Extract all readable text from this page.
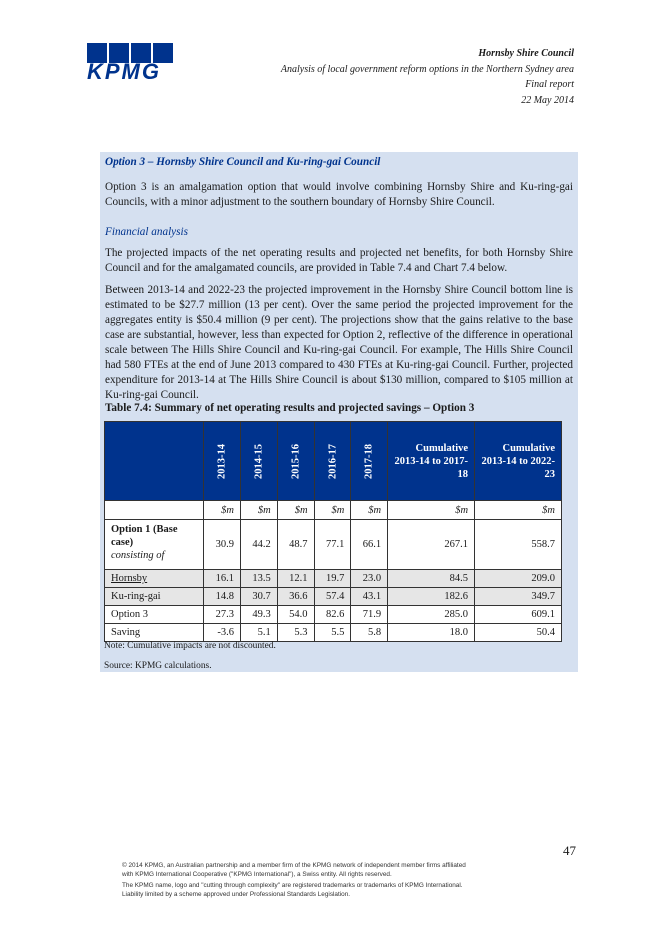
KPMG
Hornsby Shire Council
Analysis of local government reform options in the Northern Sydney area
Final report
22 May 2014
Option 3 – Hornsby Shire Council and Ku-ring-gai Council
Option 3 is an amalgamation option that would involve combining Hornsby Shire and Ku-ring-gai Councils, with a minor adjustment to the southern boundary of Hornsby Shire Council.
Financial analysis
The projected impacts of the net operating results and projected net benefits, for both Hornsby Shire Council and for the amalgamated councils, are provided in Table 7.4 and Chart 7.4 below.
Between 2013-14 and 2022-23 the projected improvement in the Hornsby Shire Council bottom line is estimated to be $27.7 million (13 per cent). Over the same period the projected improvement for the aggregates entity is $50.4 million (9 per cent). The projections show that the gains relative to the base case are substantial, however, less than expected for Option 2, reflective of the difference in operational scale between The Hills Shire Council and Ku-ring-gai Council. For example, The Hills Shire Council had 580 FTEs at the end of June 2013 compared to 430 FTEs at Ku-ring-gai Council. Further, projected expenditure for 2013-14 at The Hills Shire Council is about $130 million, compared to $105 million at Ku-ring-gai Council.
Table 7.4: Summary of net operating results and projected savings – Option 3

	2013-14	2014-15	2015-16	2016-17	2017-18	Cumulative 2013-14 to 2017-18	Cumulative 2013-14 to 2022-23
	$m	$m	$m	$m	$m	$m	$m

Option 1 (Base case)
consisting of	30.9	44.2	48.7	77.1	66.1	267.1	558.7
Hornsby	16.1	13.5	12.1	19.7	23.0	84.5	209.0
Ku-ring-gai	14.8	30.7	36.6	57.4	43.1	182.6	349.7
Option 3	27.3	49.3	54.0	82.6	71.9	285.0	609.1
Saving	-3.6	5.1	5.3	5.5	5.8	18.0	50.4
Note: Cumulative impacts are not discounted.
Source: KPMG calculations.
47

© 2014 KPMG, an Australian partnership and a member firm of the KPMG network of independent member firms affiliated

with KPMG International Cooperative ("KPMG International"), a Swiss entity. All rights reserved.

The KPMG name, logo and "cutting through complexity" are registered trademarks or trademarks of KPMG International.

Liability limited by a scheme approved under Professional Standards Legislation.
